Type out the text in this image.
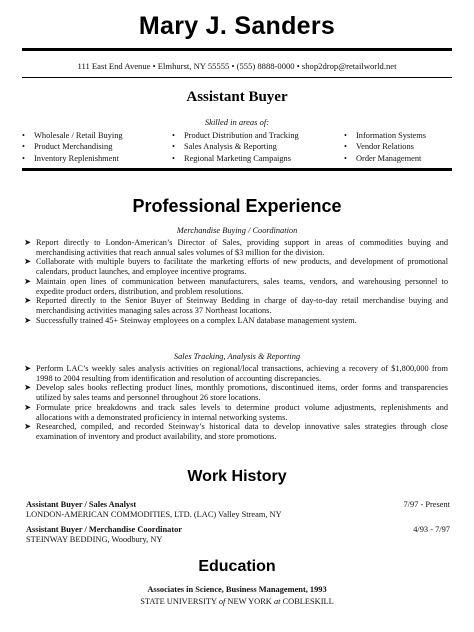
Mary J. Sanders
111 East End Avenue • Elmhurst, NY 55555 • (555) 8888-0000 • shop2drop@retailworld.net
Assistant Buyer
Skilled in areas of:
• Wholesale / Retail Buying
• Product Merchandising
• Inventory Replenishment
• Product Distribution and Tracking
• Sales Analysis & Reporting
• Regional Marketing Campaigns
• Information Systems
• Vendor Relations
• Order Management
Professional Experience
Merchandise Buying / Coordination
➤ Report directly to London-American’s Director of Sales, providing support in areas of commodities buying and merchandising activities that reach annual sales volumes of $3 million for the division.
➤ Collaborate with multiple buyers to facilitate the marketing efforts of new products, and development of promotional calendars, product launches, and employee incentive programs.
➤ Maintain open lines of communication between manufacturers, sales teams, vendors, and warehousing personnel to expedite product orders, distribution, and problem resolutions.
➤ Reported directly to the Senior Buyer of Steinway Bedding in charge of day-to-day retail merchandise buying and merchandising activities managing sales across 37 Northeast locations.
➤ Successfully trained 45+ Steinway employees on a complex LAN database management system.
Sales Tracking, Analysis & Reporting
➤ Perform LAC’s weekly sales analysis activities on regional/local transactions, achieving a recovery of $1,800,000 from 1998 to 2004 resulting from identification and resolution of accounting discrepancies.
➤ Develop sales books reflecting product lines, monthly promotions, discontinued items, order forms and transparencies utilized by sales teams and personnel throughout 26 store locations.
➤ Formulate price breakdowns and track sales levels to determine product volume adjustments, replenishments and allocations with a demonstrated proficiency in internal networking systems.
➤ Researched, compiled, and recorded Steinway’s historical data to develop innovative sales strategies through close examination of inventory and product availability, and store promotions.
Work History
Assistant Buyer / Sales Analyst	7/97 - Present
LONDON-AMERICAN COMMODITIES, LTD. (LAC) Valley Stream, NY
Assistant Buyer / Merchandise Coordinator	4/93 - 7/97
STEINWAY BEDDING, Woodbury, NY
Education
Associates in Science, Business Management, 1993
STATE UNIVERSITY of NEW YORK at COBLESKILL
